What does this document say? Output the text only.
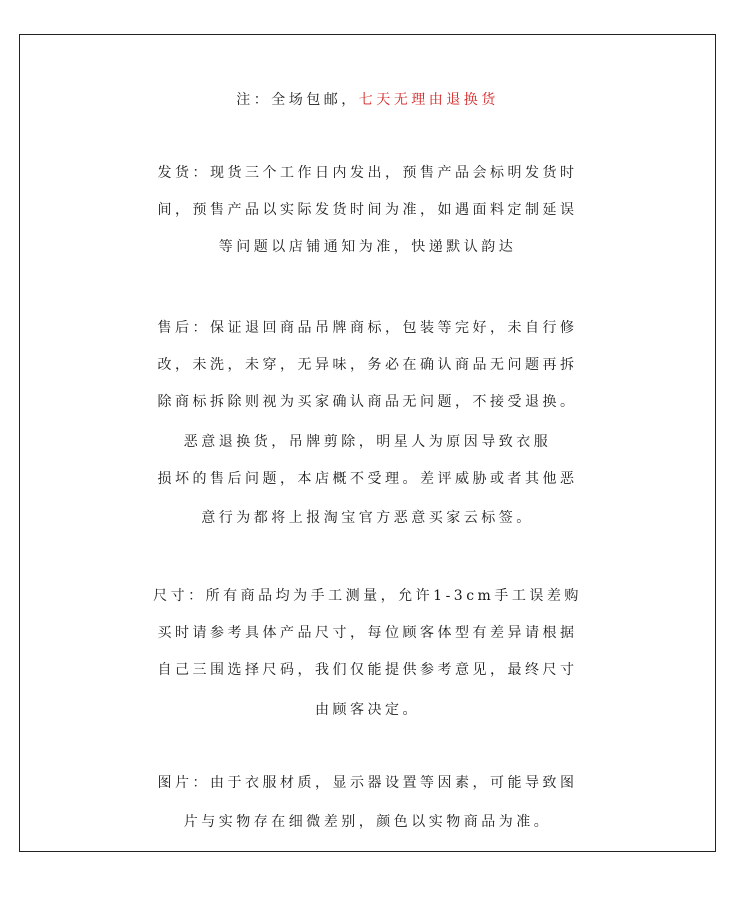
注：全场包邮，七天无理由退换货
发货：现货三个工作日内发出，预售产品会标明发货时
间，预售产品以实际发货时间为准，如遇面料定制延误
等问题以店铺通知为准，快递默认韵达
售后：保证退回商品吊牌商标，包装等完好，未自行修
改，未洗，未穿，无异味，务必在确认商品无问题再拆
除商标拆除则视为买家确认商品无问题，不接受退换。
恶意退换货，吊牌剪除，明星人为原因导致衣服
损坏的售后问题，本店概不受理。差评威胁或者其他恶
意行为都将上报淘宝官方恶意买家云标签。
尺寸：所有商品均为手工测量，允许1-3cm手工误差购
买时请参考具体产品尺寸，每位顾客体型有差异请根据
自己三围选择尺码，我们仅能提供参考意见，最终尺寸
由顾客决定。
图片：由于衣服材质，显示器设置等因素，可能导致图
片与实物存在细微差别，颜色以实物商品为准。
